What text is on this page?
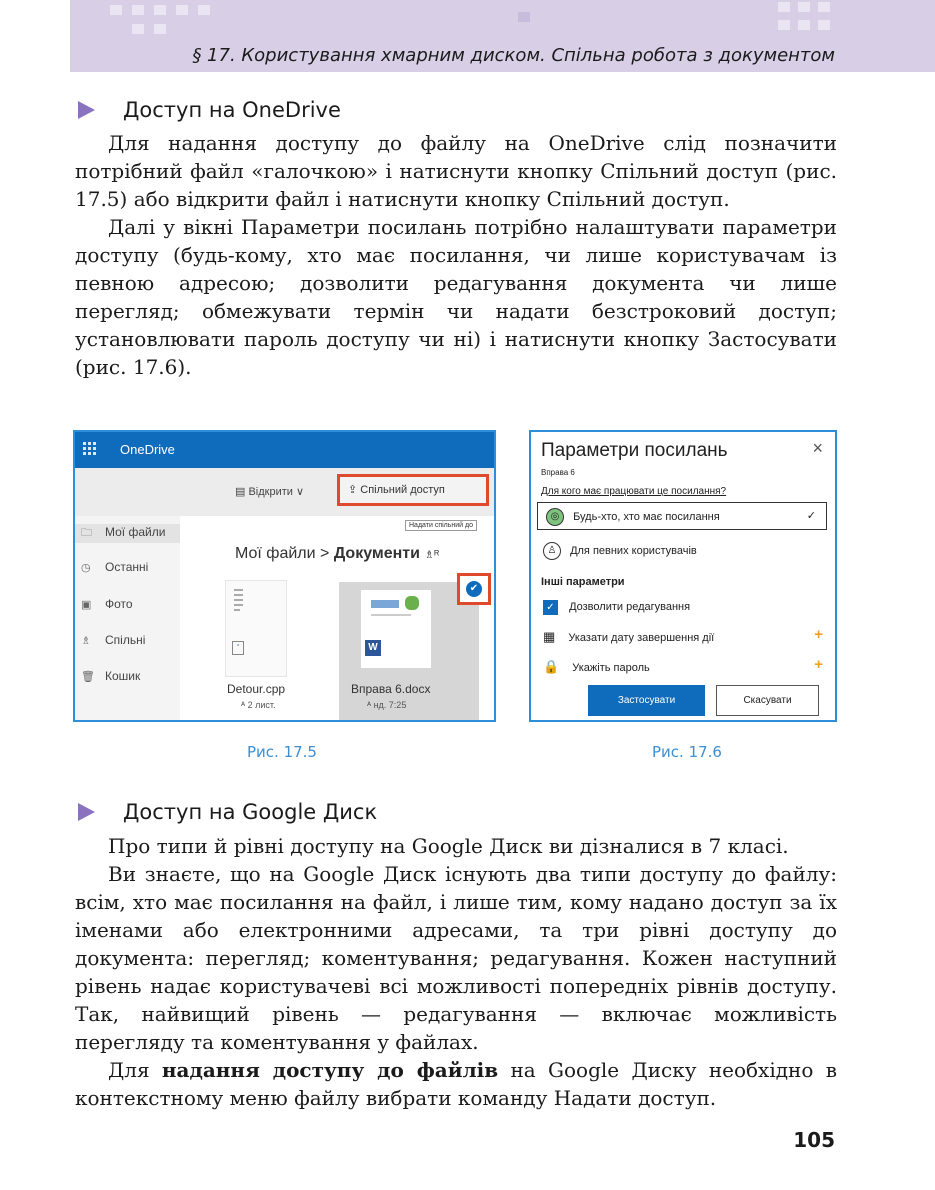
§ 17. Користування хмарним диском. Спільна робота з документом
Доступ на OneDrive

Для надання доступу до файлу на OneDrive слід позначити потрібний файл «галочкою» і натиснути кнопку Спільний доступ (рис. 17.5) або відкрити файл і натиснути кнопку Спільний доступ.

Далі у вікні Параметри посилань потрібно налаштувати параметри доступу (будь-кому, хто має посилання, чи лише користувачам із певною адресою; дозволити редагування документа чи лише перегляд; обмежувати термін чи надати безстроковий доступ; установлювати пароль доступу чи ні) і натиснути кнопку Застосувати (рис. 17.6).

OneDrive
▤ Відкрити ∨	⇪ Спільний доступ
Надати спільний до
🗀 Мої файли
◷ Останні
▣ Фото
♗ Спільні
🗑 Кошик
Мої файли > Документи ♗ᴿ
▫
Detour.cpp
ᴬ 2 лист.
W
Вправа 6.docx
ᴬ нд. 7:25
✔
Рис. 17.5
Параметри посилань	×
Вправа 6
Для кого має працювати це посилання?
◎ Будь-хто, хто має посилання	✓
♙ Для певних користувачів
Інші параметри
✓ Дозволити редагування
▦ Указати дату завершення дії	+
🔒 Укажіть пароль	+
Застосувати	Скасувати
Рис. 17.6
Доступ на Google Диск

Про типи й рівні доступу на Google Диск ви дізналися в 7 класі.

Ви знаєте, що на Google Диск існують два типи доступу до файлу: всім, хто має посилання на файл, і лише тим, кому надано доступ за їх іменами або електронними адресами, та три рівні доступу до документа: перегляд; коментування; редагування. Кожен наступний рівень надає користувачеві всі можливості попередніх рівнів доступу. Так, найвищий рівень — редагування — включає можливість перегляду та коментування у файлах.

Для надання доступу до файлів на Google Диску необхідно в контекстному меню файлу вибрати команду Надати доступ.

105
